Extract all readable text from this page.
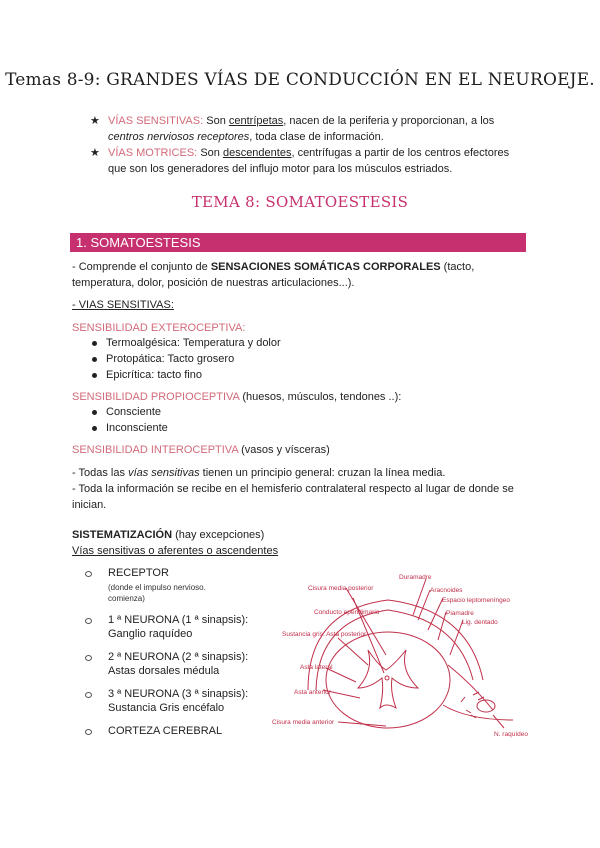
Temas 8-9: GRANDES VÍAS DE CONDUCCIÓN EN EL NEUROEJE.
★ VÍAS SENSITIVAS: Son centrípetas, nacen de la periferia y proporcionan, a los centros nerviosos receptores, toda clase de información.
★ VÍAS MOTRICES: Son descendentes, centrífugas a partir de los centros efectores que son los generadores del influjo motor para los músculos estriados.
TEMA 8: SOMATOESTESIS
1. SOMATOESTESIS
- Comprende el conjunto de SENSACIONES SOMÁTICAS CORPORALES (tacto, temperatura, dolor, posición de nuestras articulaciones...).
- VIAS SENSITIVAS:
SENSIBILIDAD EXTEROCEPTIVA:
Termoalgésica: Temperatura y dolor
Protopática: Tacto grosero
Epicrítica: tacto fino
SENSIBILIDAD PROPIOCEPTIVA (huesos, músculos, tendones ..):
Consciente
Inconsciente
SENSIBILIDAD INTEROCEPTIVA (vasos y vísceras)
- Todas las vías sensitivas tienen un principio general: cruzan la línea media.
- Toda la información se recibe en el hemisferio contralateral respecto al lugar de donde se inician.
SISTEMATIZACIÓN (hay excepciones)
Vías sensitivas o aferentes o ascendentes
RECEPTOR
(donde el impulso nervioso. comienza)
1 ª NEURONA (1 ª sinapsis):
Ganglio raquídeo
2 ª NEURONA (2 ª sinapsis):
Astas dorsales médula
3 ª NEURONA (3 ª sinapsis):
Sustancia Gris encéfalo
CORTEZA CEREBRAL
Duramadre
Aracnoides
Espacio leptomeníngeo
Piamadre
Lig. dentado
Cisura media posterior
Conducto ependimario
Sustancia gris. Asta posterior
Asta lateral
Asta anterior
Cisura media anterior
N. raquídeo
